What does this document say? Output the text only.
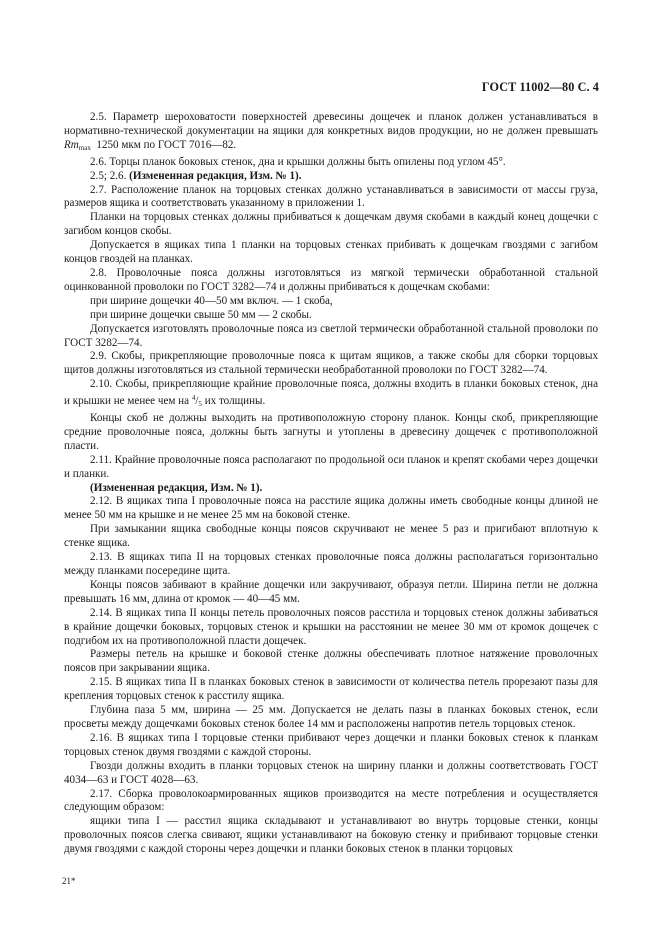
ГОСТ 11002—80 С. 4

2.5. Параметр шероховатости поверхностей древесины дощечек и планок должен устанавливаться в нормативно-технической документации на ящики для конкретных видов продукции, но не должен превышать $Rm_{max}$ 1250 мкм по ГОСТ 7016—82.

2.6. Торцы планок боковых стенок, дна и крышки должны быть опилены под углом 45°.

2.5; 2.6. (Измененная редакция, Изм. № 1).

2.7. Расположение планок на торцовых стенках должно устанавливаться в зависимости от массы груза, размеров ящика и соответствовать указанному в приложении 1.

Планки на торцовых стенках должны прибиваться к дощечкам двумя скобами в каждый конец дощечки с загибом концов скобы.

Допускается в ящиках типа 1 планки на торцовых стенках прибивать к дощечкам гвоздями с загибом концов гвоздей на планках.

2.8. Проволочные пояса должны изготовляться из мягкой термически обработанной стальной оцинкованной проволоки по ГОСТ 3282—74 и должны прибиваться к дощечкам скобами:

при ширине дощечки 40—50 мм включ. — 1 скоба,

при ширине дощечки свыше 50 мм — 2 скобы.

Допускается изготовлять проволочные пояса из светлой термически обработанной стальной проволоки по ГОСТ 3282—74.

2.9. Скобы, прикрепляющие проволочные пояса к щитам ящиков, а также скобы для сборки торцовых щитов должны изготовляться из стальной термически необработанной проволоки по ГОСТ 3282—74.

2.10. Скобы, прикрепляющие крайние проволочные пояса, должны входить в планки боковых стенок, дна и крышки не менее чем на $^4$/5 их толщины.

Концы скоб не должны выходить на противоположную сторону планок. Концы скоб, прикрепляющие средние проволочные пояса, должны быть загнуты и утоплены в древесину дощечек с противоположной пласти.

2.11. Крайние проволочные пояса располагают по продольной оси планок и крепят скобами через дощечки и планки.

(Измененная редакция, Изм. № 1).

2.12. В ящиках типа I проволочные пояса на расстиле ящика должны иметь свободные концы длиной не менее 50 мм на крышке и не менее 25 мм на боковой стенке.

При замыкании ящика свободные концы поясов скручивают не менее 5 раз и пригибают вплотную к стенке ящика.

2.13. В ящиках типа II на торцовых стенках проволочные пояса должны располагаться горизонтально между планками посередине щита.

Концы поясов забивают в крайние дощечки или закручивают, образуя петли. Ширина петли не должна превышать 16 мм, длина от кромок — 40—45 мм.

2.14. В ящиках типа II концы петель проволочных поясов расстила и торцовых стенок должны забиваться в крайние дощечки боковых, торцовых стенок и крышки на расстоянии не менее 30 мм от кромок дощечек с подгибом их на противоположной пласти дощечек.

Размеры петель на крышке и боковой стенке должны обеспечивать плотное натяжение проволочных поясов при закрывании ящика.

2.15. В ящиках типа II в планках боковых стенок в зависимости от количества петель прорезают пазы для крепления торцовых стенок к расстилу ящика.

Глубина паза 5 мм, ширина — 25 мм. Допускается не делать пазы в планках боковых стенок, если просветы между дощечками боковых стенок более 14 мм и расположены напротив петель торцовых стенок.

2.16. В ящиках типа I торцовые стенки прибивают через дощечки и планки боковых стенок к планкам торцовых стенок двумя гвоздями с каждой стороны.

Гвозди должны входить в планки торцовых стенок на ширину планки и должны соответствовать ГОСТ 4034—63 и ГОСТ 4028—63.

2.17. Сборка проволокоармированных ящиков производится на месте потребления и осуществляется следующим образом:

ящики типа I — расстил ящика складывают и устанавливают во внутрь торцовые стенки, концы проволочных поясов слегка свивают, ящики устанавливают на боковую стенку и прибивают торцовые стенки двумя гвоздями с каждой стороны через дощечки и планки боковых стенок в планки торцовых

21*
